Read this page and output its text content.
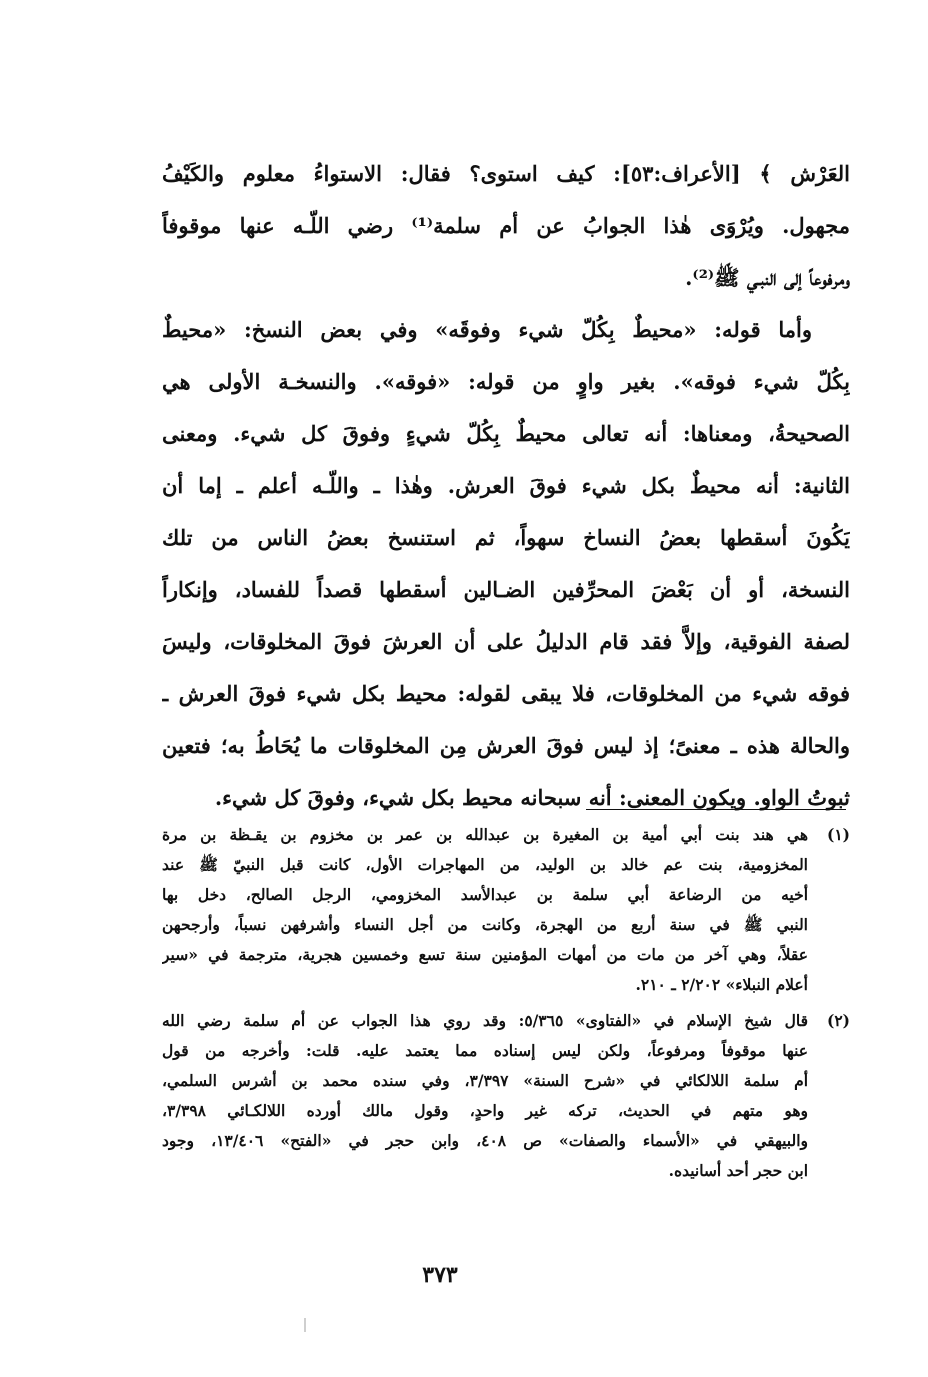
العَرْش ﴾ [الأعراف:٥٣]: كيف استوى؟ فقال: الاستواءُ معلوم والكَيْفُ
مجهول. ويُرْوَى هٰذا الجوابُ عن أم سلمة⁽¹⁾ رضي اللّـه عنها موقوفاً
ومرفوعاً إلى النبـي ﷺ⁽²⁾.
وأما قوله: «محيطٌ بِكُلّ شيء وفوقَه» وفي بعض النسخ: «محيطٌ
بِكُلّ شيء فوقه». بغير واوٍ من قوله: «فوقه». والنسخـة الأولى هي
الصحيحةُ، ومعناها: أنه تعالى محيطٌ بِكُلّ شيءٍ وفوقَ كل شيء. ومعنى
الثانية: أنه محيطٌ بكل شيء فوقَ العرش. وهٰذا ـ واللّـه أعلم ـ إما أن
يَكُونَ أسقطها بعضُ النساخ سهواً، ثم استنسخ بعضُ الناس من تلك
النسخة، أو أن بَعْضَ المحرِّفين الضـالين أسقطها قصداً للفساد، وإنكاراً
لصفة الفوقية، وإلاَّ فقد قام الدليلُ على أن العرشَ فوقَ المخلوقات، وليسَ
فوقه شيء من المخلوقات، فلا يبقى لقوله: محيط بكل شيء فوقَ العرش ـ
والحالة هذه ـ معنىً؛ إذ ليس فوقَ العرش مِن المخلوقات ما يُحَاطُ به؛ فتعين
ثبوتُ الواو. ويكون المعنى: أنه سبحانه محيط بكل شيء، وفوقَ كل شيء.
(١)
هي هند بنت أبي أمية بن المغيرة بن عبدالله بن عمر بن مخزوم بن يقـظة بن مرة
المخزومية، بنت عم خالد بن الوليد، من المهاجرات الأول، كانت قبل النبيّ ﷺ عند
أخيه من الرضاعة أبي سلمة بن عبدالأسد المخزومي، الرجل الصالح، دخل بها
النبي ﷺ في سنة أربع من الهجرة، وكانت من أجل النساء وأشرفهن نسباً، وأرجحهن
عقلاً، وهي آخر من مات من أمهات المؤمنين سنة تسع وخمسين هجرية، مترجمة في «سير
أعلام النبلاء» ٢/٢٠٢ ـ ٢١٠.
(٢)
قال شيخ الإسلام في «الفتاوى» ٥/٣٦٥: وقد روي هذا الجواب عن أم سلمة رضي الله
عنها موقوفاً ومرفوعاً، ولكن ليس إسناده مما يعتمد عليه. قلت: وأخرجه من قول
أم سلمة اللالكائي في «شرح السنة» ٣/٣٩٧، وفي سنده محمد بن أشرس السلمي،
وهو متهم في الحديث، تركه غير واحدٍ، وقول مالك أورده اللالكـائي ٣/٣٩٨،
والبيهقي في «الأسماء والصفات» ص ٤٠٨، وابن حجر في «الفتح» ١٣/٤٠٦، وجود
ابن حجر أحد أسانيده.
٣٧٣
